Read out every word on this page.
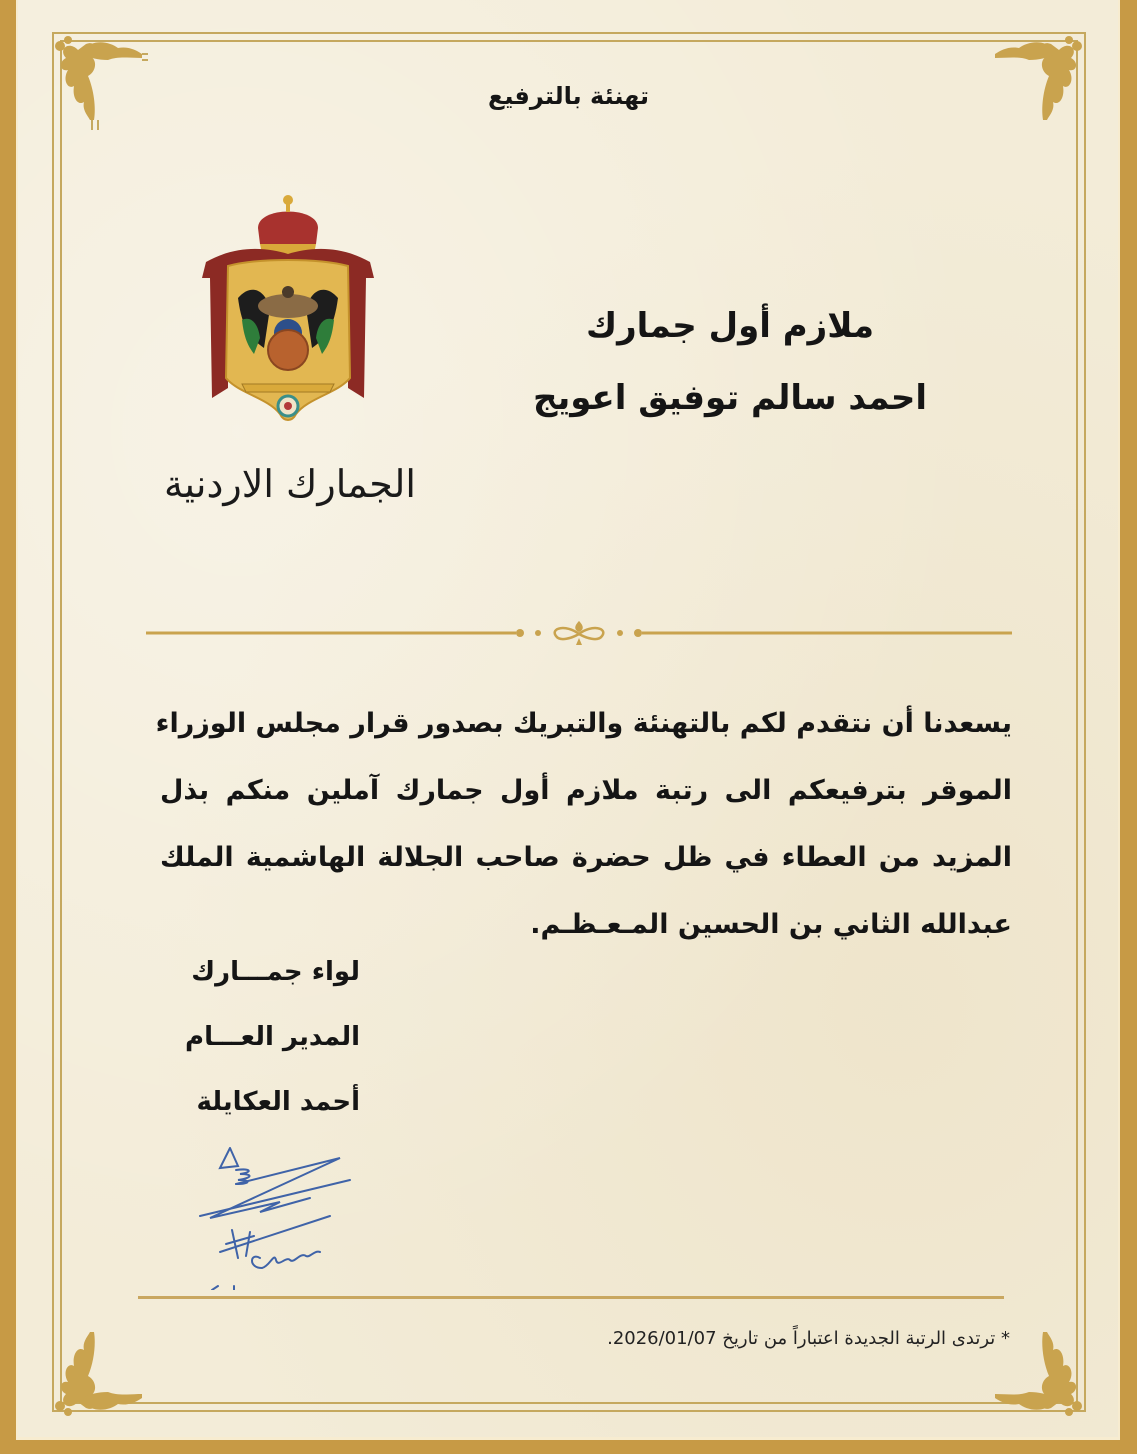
تهنئة بالترفيع
الجمارك الاردنية
ملازم أول جمارك
احمد سالم توفيق اعويج

يسعدنا أن نتقدم لكم بالتهنئة والتبريك بصدور قرار مجلس الوزراء

الموقر بترفيعكم الى رتبة ملازم أول جمارك آملين منكم بذل

المزيد من العطاء في ظل حضرة صاحب الجلالة الهاشمية الملك

عبدالله الثاني بن الحسين المـعـظـم.

لواء جمـــارك
المدير العـــام
أحمد العكايلة
* ترتدى الرتبة الجديدة اعتباراً من تاريخ 2026/01/07.
